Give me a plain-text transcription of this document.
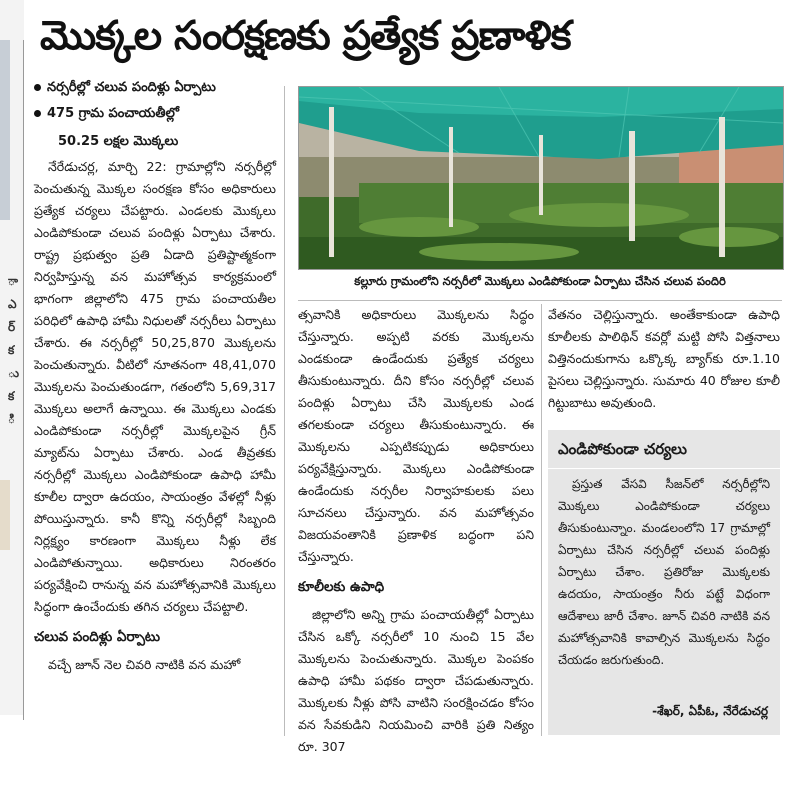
ా
ఎ
ర్
క
ు
క
ి
మొక్కల సంరక్షణకు ప్రత్యేక ప్రణాళిక
నర్సరీల్లో చలువ పందిళ్లు ఏర్పాటు
475 గ్రామ పంచాయతీల్లో
50.25 లక్షల మొక్కలు

నేరేడుచర్ల, మార్చి 22: గ్రామాల్లోని నర్సరీల్లో పెంచుతున్న మొక్కల సంరక్షణ కోసం అధికారులు ప్రత్యేక చర్యలు చేపట్టారు. ఎండలకు మొక్కలు ఎండిపోకుండా చలువ పందిళ్లు ఏర్పాటు చేశారు. రాష్ట్ర ప్రభుత్వం ప్రతి ఏడాది ప్రతిష్టాత్మకంగా నిర్వహిస్తున్న వన మహోత్సవ కార్యక్రమంలో భాగంగా జిల్లాలోని 475 గ్రామ పంచాయతీల పరిధిలో ఉపాధి హామీ నిధులతో నర్సరీలు ఏర్పాటు చేశారు. ఈ నర్సరీల్లో 50,25,870 మొక్కలను పెంచుతున్నారు. వీటిలో నూతనంగా 48,41,070 మొక్కలను పెంచుతుండగా, గతంలోని 5,69,317 మొక్కలు అలాగే ఉన్నాయి. ఈ మొక్కలు ఎండకు ఎండిపోకుండా నర్సరీల్లో మొక్కలపైన గ్రీన్ మ్యాట్‌ను ఏర్పాటు చేశారు. ఎండ తీవ్రతకు నర్సరీల్లో మొక్కలు ఎండిపోకుండా ఉపాధి హామీ కూలీల ద్వారా ఉదయం, సాయంత్రం వేళల్లో నీళ్లు పోయిస్తున్నారు. కానీ కొన్ని నర్సరీల్లో సిబ్బంది నిర్లక్ష్యం కారణంగా మొక్కలు నీళ్లు లేక ఎండిపోతున్నాయి. అధికారులు నిరంతరం పర్యవేక్షించి రానున్న వన మహోత్సవానికి మొక్కలు సిద్ధంగా ఉంచేందుకు తగిన చర్యలు చేపట్టాలి.

చలువ పందిళ్లు ఏర్పాటు

వచ్చే జూన్ నెల చివరి నాటికి వన మహో

కల్లూరు గ్రామంలోని నర్సరీలో మొక్కలు ఎండిపోకుండా ఏర్పాటు చేసిన చలువ పందిరి

త్సవానికి అధికారులు మొక్కలను సిద్ధం చేస్తున్నారు. అప్పటి వరకు మొక్కలను ఎండకుండా ఉండేందుకు ప్రత్యేక చర్యలు తీసుకుంటున్నారు. దీని కోసం నర్సరీల్లో చలువ పందిళ్లు ఏర్పాటు చేసి మొక్కలకు ఎండ తగలకుండా చర్యలు తీసుకుంటున్నారు. ఈ మొక్కలను ఎప్పటికప్పుడు అధికారులు పర్యవేక్షిస్తున్నారు. మొక్కలు ఎండిపోకుండా ఉండేందుకు నర్సరీల నిర్వాహకులకు పలు సూచనలు చేస్తున్నారు. వన మహోత్సవం విజయవంతానికి ప్రణాళిక బద్ధంగా పని చేస్తున్నారు.

కూలీలకు ఉపాధి

జిల్లాలోని అన్ని గ్రామ పంచాయతీల్లో ఏర్పాటు చేసిన ఒక్కో నర్సరీలో 10 నుంచి 15 వేల మొక్కలను పెంచుతున్నారు. మొక్కల పెంపకం ఉపాధి హామీ పథకం ద్వారా చేపడుతున్నారు. మొక్కలకు నీళ్లు పోసి వాటిని సంరక్షించడం కోసం వన సేవకుడిని నియమించి వారికి ప్రతి నిత్యం రూ. 307

వేతనం చెల్లిస్తున్నారు. అంతేకాకుండా ఉపాధి కూలీలకు పాలిథిన్ కవర్లో మట్టి పోసి విత్తనాలు విత్తినందుకుగాను ఒక్కొక్క బ్యాగ్‌కు రూ.1.10 పైసలు చెల్లిస్తున్నారు. సుమారు 40 రోజుల కూలీ గిట్టుబాటు అవుతుంది.

ఎండిపోకుండా చర్యలు

ప్రస్తుత వేసవి సీజన్‌లో నర్సరీల్లోని మొక్కలు ఎండిపోకుండా చర్యలు తీసుకుంటున్నాం. మండలంలోని 17 గ్రామాల్లో ఏర్పాటు చేసిన నర్సరీల్లో చలువ పందిళ్లు ఏర్పాటు చేశాం. ప్రతిరోజు మొక్కలకు ఉదయం, సాయంత్రం నీరు పట్టే విధంగా ఆదేశాలు జారీ చేశాం. జూన్ చివరి నాటికి వన మహోత్సవానికి కావాల్సిన మొక్కలను సిద్ధం చేయడం జరుగుతుంది.

-శేఖర్, ఏపీఓ, నేరేడుచర్ల
